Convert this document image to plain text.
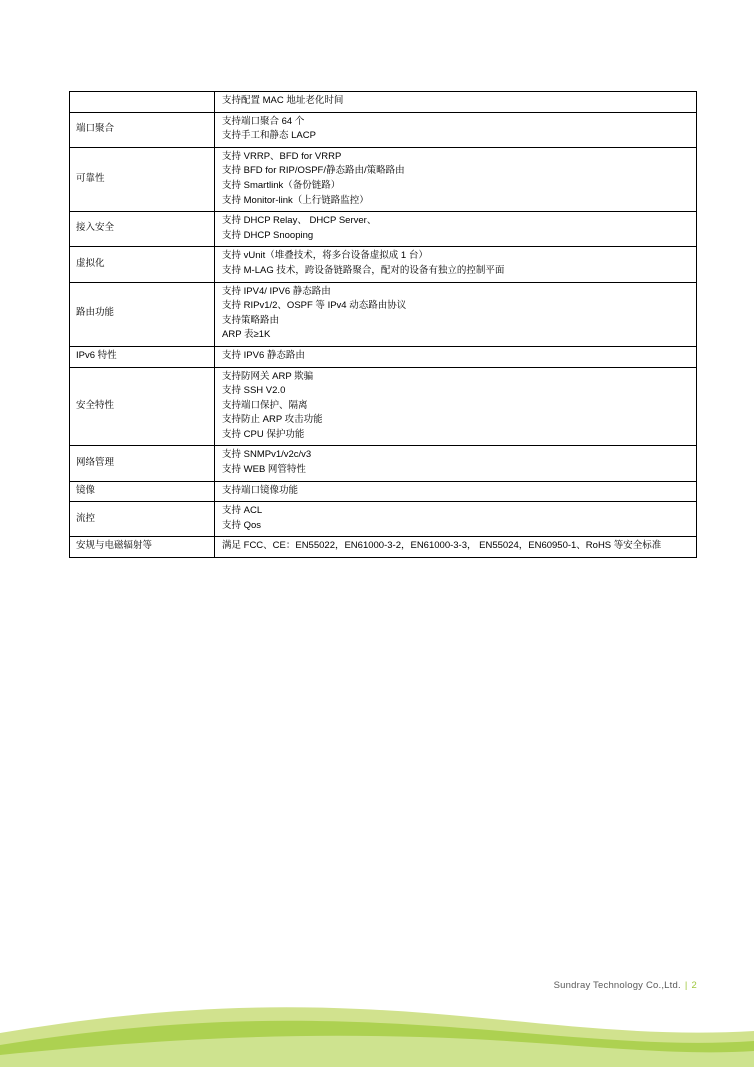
	支持配置 MAC 地址老化时间

端口聚合	支持端口聚合 64 个
支持手工和静态 LACP

可靠性	支持 VRRP、BFD for VRRP
支持 BFD for RIP/OSPF/静态路由/策略路由
支持 Smartlink（备份链路）
支持 Monitor-link（上行链路监控）

接入安全	支持 DHCP Relay、 DHCP Server、
支持 DHCP Snooping

虚拟化	支持 vUnit（堆叠技术，将多台设备虚拟成 1 台）
支持 M-LAG 技术，跨设备链路聚合，配对的设备有独立的控制平面

路由功能	支持 IPV4/ IPV6 静态路由
支持 RIPv1/2、OSPF 等 IPv4 动态路由协议
支持策略路由
ARP 表≥1K

IPv6 特性	支持 IPV6 静态路由

安全特性	支持防网关 ARP 欺骗
支持 SSH V2.0
支持端口保护、隔离
支持防止 ARP 攻击功能
支持 CPU 保护功能

网络管理	支持 SNMPv1/v2c/v3
支持 WEB 网管特性

镜像	支持端口镜像功能

流控	支持 ACL
支持 Qos

安规与电磁辐射等	满足 FCC、CE：EN55022，EN61000-3-2，EN61000-3-3， EN55024，EN60950-1、RoHS 等安全标准
Sundray Technology Co.,Ltd. | 2
